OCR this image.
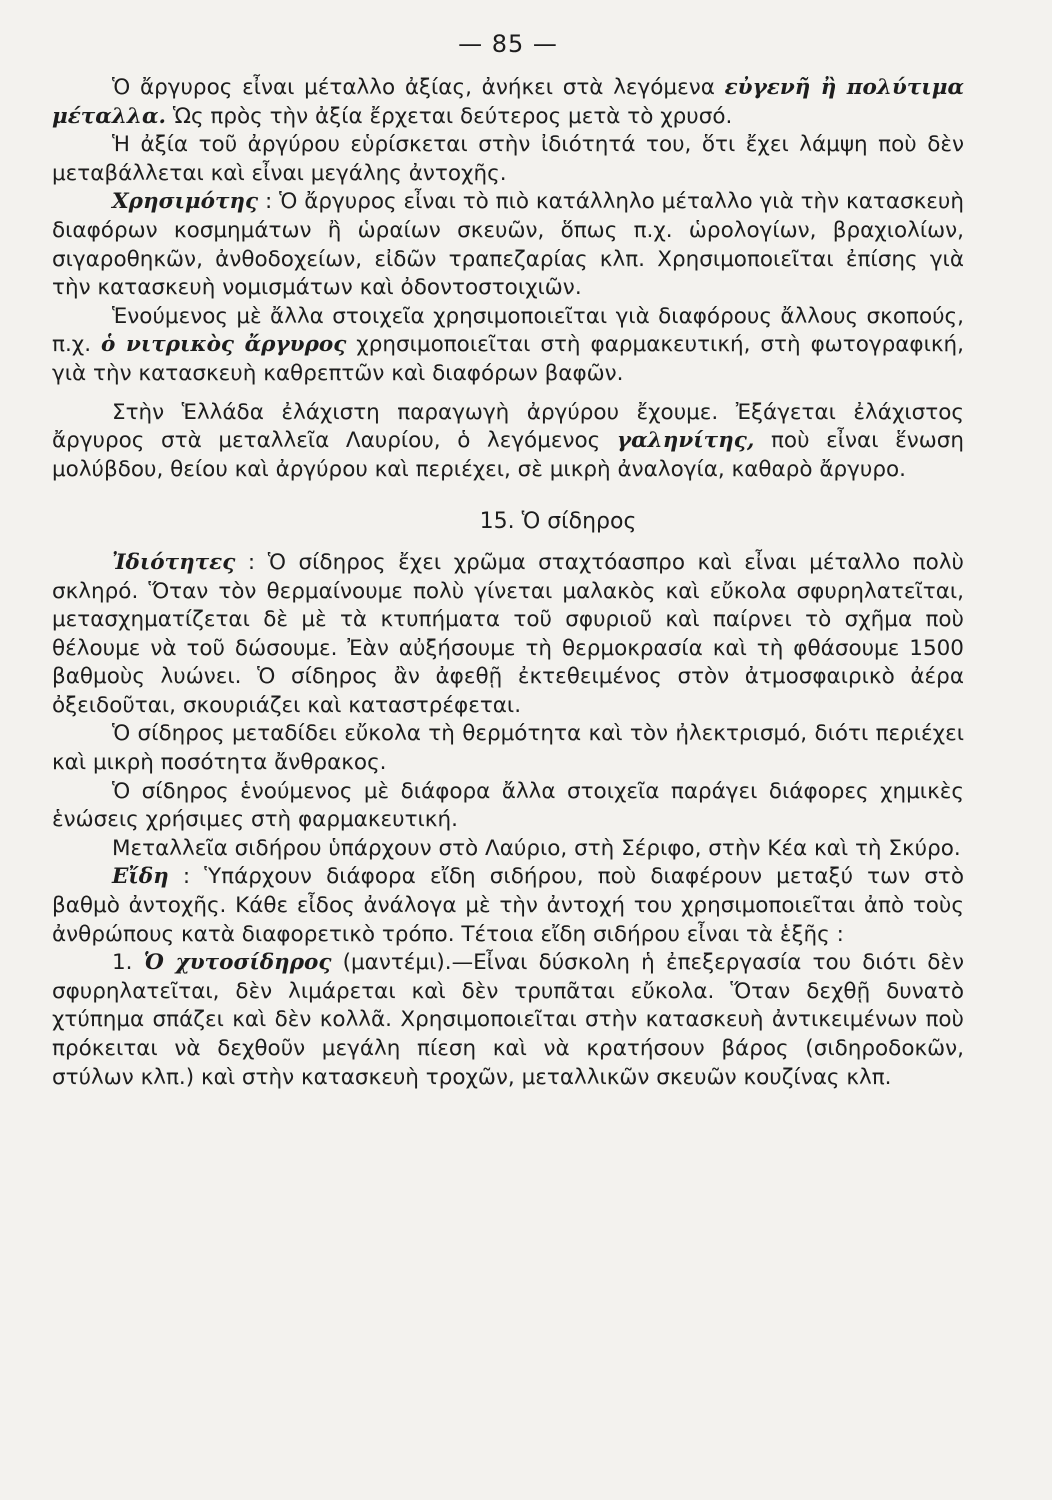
— 85 —

Ὁ ἄργυρος εἶναι μέταλλο ἀξίας, ἀνήκει στὰ λεγόμενα εὐγενῆ ἢ πολύτιμα μέταλλα. Ὡς πρὸς τὴν ἀξία ἔρχεται δεύτερος μετὰ τὸ χρυσό.

Ἡ ἀξία τοῦ ἀργύρου εὑρίσκεται στὴν ἰδιότητά του, ὅτι ἔχει λάμψη ποὺ δὲν μεταβάλλεται καὶ εἶναι μεγάλης ἀντοχῆς.

Χρησιμότης : Ὁ ἄργυρος εἶναι τὸ πιὸ κατάλληλο μέταλλο γιὰ τὴν κατασκευὴ διαφόρων κοσμημάτων ἢ ὡραίων σκευῶν, ὅπως π.χ. ὡρολογίων, βραχιολίων, σιγαροθηκῶν, ἀνθοδοχείων, εἰδῶν τραπεζαρίας κλπ. Χρησιμοποιεῖται ἐπίσης γιὰ τὴν κατασκευὴ νομισμάτων καὶ ὀδοντοστοιχιῶν.

Ἑνούμενος μὲ ἄλλα στοιχεῖα χρησιμοποιεῖται γιὰ διαφόρους ἄλλους σκοπούς, π.χ. ὁ νιτρικὸς ἄργυρος χρησιμοποιεῖται στὴ φαρμακευτική, στὴ φωτογραφική, γιὰ τὴν κατασκευὴ καθρεπτῶν καὶ διαφόρων βαφῶν.

Στὴν Ἑλλάδα ἐλάχιστη παραγωγὴ ἀργύρου ἔχουμε. Ἐξάγεται ἐλάχιστος ἄργυρος στὰ μεταλλεῖα Λαυρίου, ὁ λεγόμενος γαληνίτης, ποὺ εἶναι ἕνωση μολύβδου, θείου καὶ ἀργύρου καὶ περιέχει, σὲ μικρὴ ἀναλογία, καθαρὸ ἄργυρο.

15. Ὁ σίδηρος

Ἰδιότητες : Ὁ σίδηρος ἔχει χρῶμα σταχτόασπρο καὶ εἶναι μέταλλο πολὺ σκληρό. Ὅταν τὸν θερμαίνουμε πολὺ γίνεται μαλακὸς καὶ εὔκολα σφυρηλατεῖται, μετασχηματίζεται δὲ μὲ τὰ κτυπήματα τοῦ σφυριοῦ καὶ παίρνει τὸ σχῆμα ποὺ θέλουμε νὰ τοῦ δώσουμε. Ἐὰν αὐξήσουμε τὴ θερμοκρασία καὶ τὴ φθάσουμε 1500 βαθμοὺς λυώνει. Ὁ σίδηρος ἂν ἀφεθῇ ἐκτεθειμένος στὸν ἀτμοσφαιρικὸ ἀέρα ὀξειδοῦται, σκουριάζει καὶ καταστρέφεται.

Ὁ σίδηρος μεταδίδει εὔκολα τὴ θερμότητα καὶ τὸν ἠλεκτρισμό, διότι περιέχει καὶ μικρὴ ποσότητα ἄνθρακος.

Ὁ σίδηρος ἑνούμενος μὲ διάφορα ἄλλα στοιχεῖα παράγει διάφορες χημικὲς ἑνώσεις χρήσιμες στὴ φαρμακευτική.

Μεταλλεῖα σιδήρου ὑπάρχουν στὸ Λαύριο, στὴ Σέριφο, στὴν Κέα καὶ τὴ Σκύρο.

Εἴδη : Ὑπάρχουν διάφορα εἴδη σιδήρου, ποὺ διαφέρουν μεταξύ των στὸ βαθμὸ ἀντοχῆς. Κάθε εἶδος ἀνάλογα μὲ τὴν ἀντοχή του χρησιμοποιεῖται ἀπὸ τοὺς ἀνθρώπους κατὰ διαφορετικὸ τρόπο. Τέτοια εἴδη σιδήρου εἶναι τὰ ἑξῆς :

1. Ὁ χυτοσίδηρος (μαντέμι).—Εἶναι δύσκολη ἡ ἐπεξεργασία του διότι δὲν σφυρηλατεῖται, δὲν λιμάρεται καὶ δὲν τρυπᾶται εὔκολα. Ὅταν δεχθῇ δυνατὸ χτύπημα σπάζει καὶ δὲν κολλᾶ. Χρησιμοποιεῖται στὴν κατασκευὴ ἀντικειμένων ποὺ πρόκειται νὰ δεχθοῦν μεγάλη πίεση καὶ νὰ κρατήσουν βάρος (σιδηροδοκῶν, στύλων κλπ.) καὶ στὴν κατασκευὴ τροχῶν, μεταλλικῶν σκευῶν κουζίνας κλπ.
